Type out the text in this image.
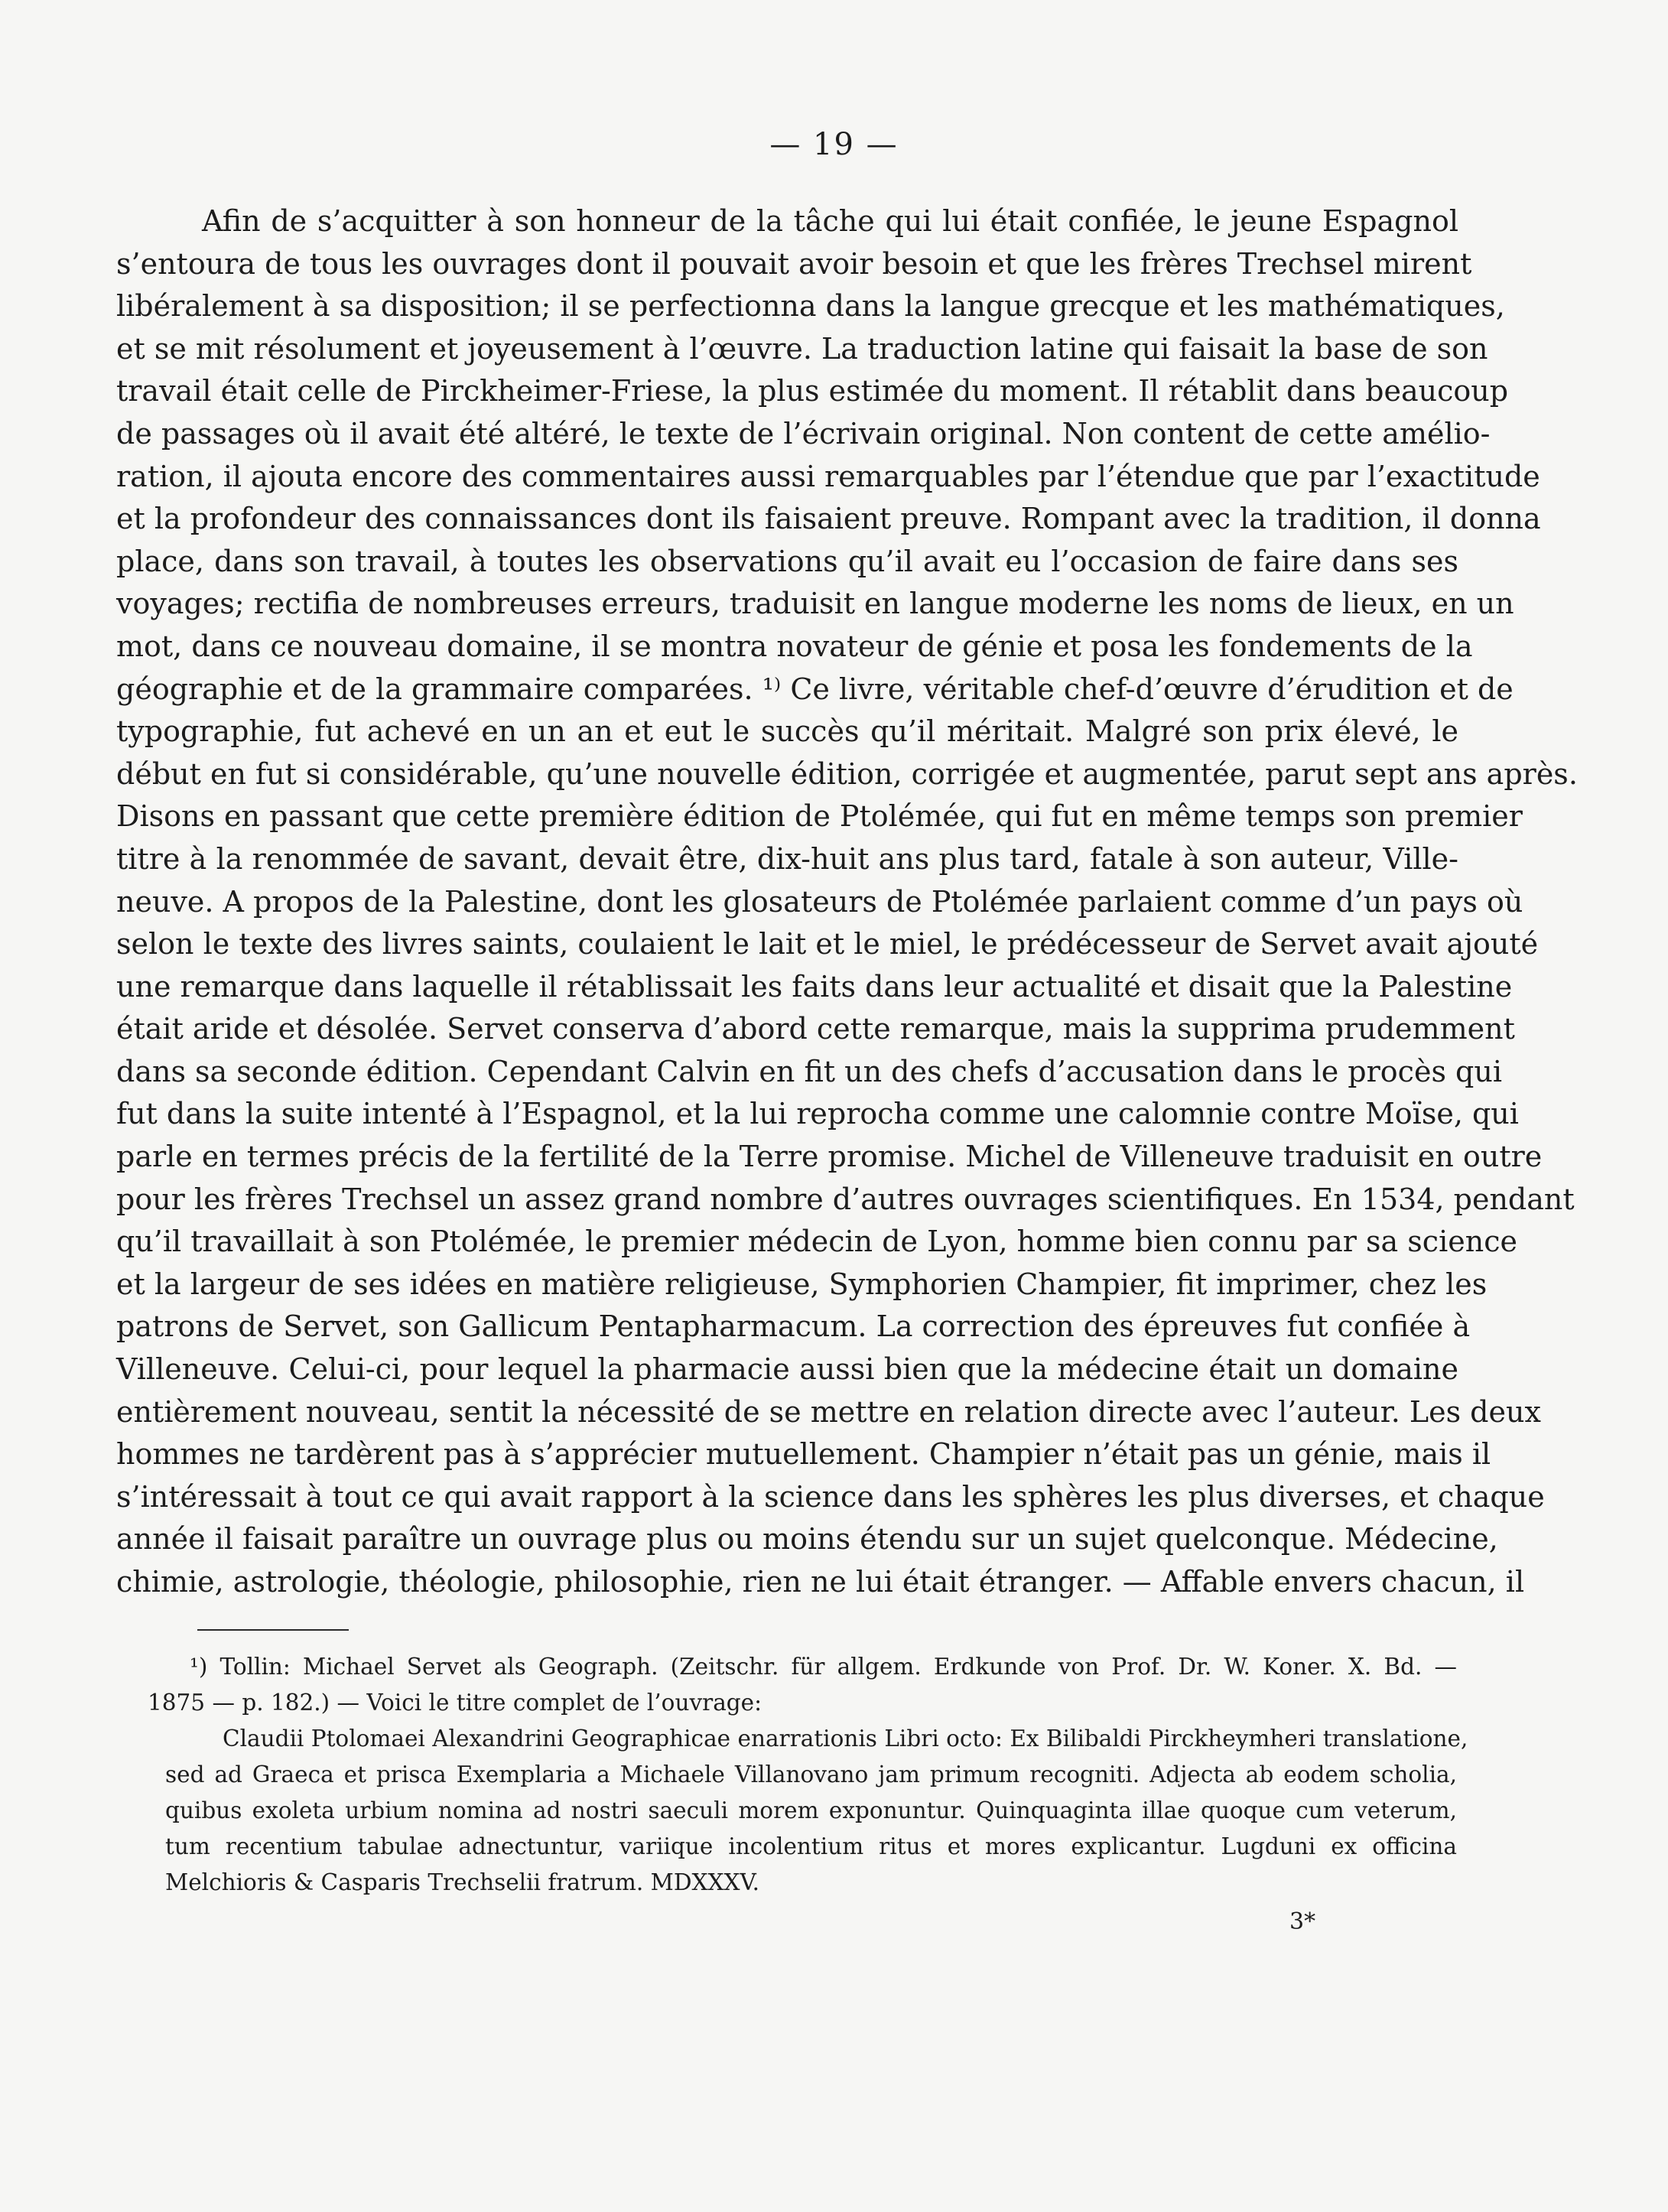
— 19 —
Afin de s’acquitter à son honneur de la tâche qui lui était confiée, le jeune Espagnol
s’entoura de tous les ouvrages dont il pouvait avoir besoin et que les frères Trechsel mirent
libéralement à sa disposition; il se perfectionna dans la langue grecque et les mathématiques,
et se mit résolument et joyeusement à l’œuvre. La traduction latine qui faisait la base de son
travail était celle de Pirckheimer-Friese, la plus estimée du moment. Il rétablit dans beaucoup
de passages où il avait été altéré, le texte de l’écrivain original. Non content de cette amélio-
ration, il ajouta encore des commentaires aussi remarquables par l’étendue que par l’exactitude
et la profondeur des connaissances dont ils faisaient preuve. Rompant avec la tradition, il donna
place, dans son travail, à toutes les observations qu’il avait eu l’occasion de faire dans ses
voyages; rectifia de nombreuses erreurs, traduisit en langue moderne les noms de lieux, en un
mot, dans ce nouveau domaine, il se montra novateur de génie et posa les fondements de la
géographie et de la grammaire comparées. ¹⁾ Ce livre, véritable chef-d’œuvre d’érudition et de
typographie, fut achevé en un an et eut le succès qu’il méritait. Malgré son prix élevé, le
début en fut si considérable, qu’une nouvelle édition, corrigée et augmentée, parut sept ans après.
Disons en passant que cette première édition de Ptolémée, qui fut en même temps son premier
titre à la renommée de savant, devait être, dix-huit ans plus tard, fatale à son auteur, Ville-
neuve. A propos de la Palestine, dont les glosateurs de Ptolémée parlaient comme d’un pays où
selon le texte des livres saints, coulaient le lait et le miel, le prédécesseur de Servet avait ajouté
une remarque dans laquelle il rétablissait les faits dans leur actualité et disait que la Palestine
était aride et désolée. Servet conserva d’abord cette remarque, mais la supprima prudemment
dans sa seconde édition. Cependant Calvin en fit un des chefs d’accusation dans le procès qui
fut dans la suite intenté à l’Espagnol, et la lui reprocha comme une calomnie contre Moïse, qui
parle en termes précis de la fertilité de la Terre promise. Michel de Villeneuve traduisit en outre
pour les frères Trechsel un assez grand nombre d’autres ouvrages scientifiques. En 1534, pendant
qu’il travaillait à son Ptolémée, le premier médecin de Lyon, homme bien connu par sa science
et la largeur de ses idées en matière religieuse, Symphorien Champier, fit imprimer, chez les
patrons de Servet, son Gallicum Pentapharmacum. La correction des épreuves fut confiée à
Villeneuve. Celui-ci, pour lequel la pharmacie aussi bien que la médecine était un domaine
entièrement nouveau, sentit la nécessité de se mettre en relation directe avec l’auteur. Les deux
hommes ne tardèrent pas à s’apprécier mutuellement. Champier n’était pas un génie, mais il
s’intéressait à tout ce qui avait rapport à la science dans les sphères les plus diverses, et chaque
année il faisait paraître un ouvrage plus ou moins étendu sur un sujet quelconque. Médecine,
chimie, astrologie, théologie, philosophie, rien ne lui était étranger. — Affable envers chacun, il
¹) Tollin: Michael Servet als Geograph. (Zeitschr. für allgem. Erdkunde von Prof. Dr. W. Koner. X. Bd. —
1875 — p. 182.) — Voici le titre complet de l’ouvrage:
Claudii Ptolomaei Alexandrini Geographicae enarrationis Libri octo: Ex Bilibaldi Pirckheymheri translatione,
sed ad Graeca et prisca Exemplaria a Michaele Villanovano jam primum recogniti. Adjecta ab eodem scholia,
quibus exoleta urbium nomina ad nostri saeculi morem exponuntur. Quinquaginta illae quoque cum veterum,
tum recentium tabulae adnectuntur, variique incolentium ritus et mores explicantur. Lugduni ex officina
Melchioris & Casparis Trechselii fratrum. MDXXXV.
3*
